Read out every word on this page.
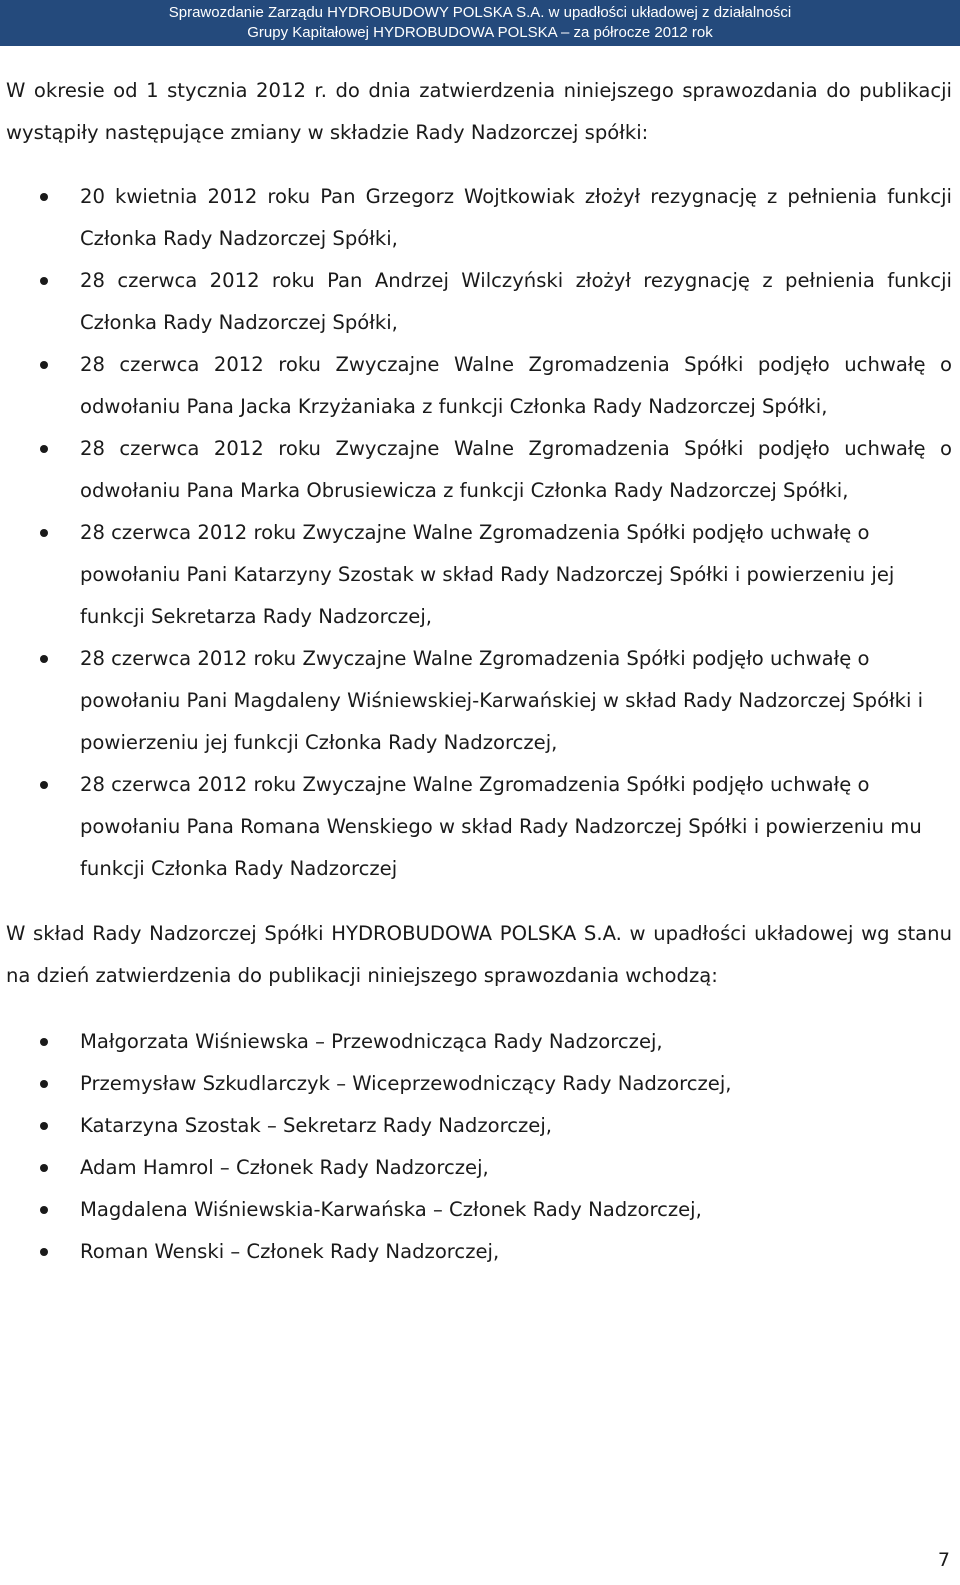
Sprawozdanie Zarządu HYDROBUDOWY POLSKA S.A. w upadłości układowej z działalności
Grupy Kapitałowej HYDROBUDOWA POLSKA – za półrocze 2012 rok

W okresie od 1 stycznia 2012 r. do dnia zatwierdzenia niniejszego sprawozdania do publikacji wystąpiły następujące zmiany w składzie Rady Nadzorczej spółki:

20 kwietnia 2012 roku Pan Grzegorz Wojtkowiak złożył rezygnację z pełnienia funkcji Członka Rady Nadzorczej Spółki,
28 czerwca 2012 roku Pan Andrzej Wilczyński złożył rezygnację z pełnienia funkcji Członka Rady Nadzorczej Spółki,
28 czerwca 2012 roku Zwyczajne Walne Zgromadzenia Spółki podjęło uchwałę o odwołaniu Pana Jacka Krzyżaniaka z funkcji Członka Rady Nadzorczej Spółki,
28 czerwca 2012 roku Zwyczajne Walne Zgromadzenia Spółki podjęło uchwałę o odwołaniu Pana Marka Obrusiewicza z funkcji Członka Rady Nadzorczej Spółki,
28 czerwca 2012 roku Zwyczajne Walne Zgromadzenia Spółki podjęło uchwałę o powołaniu Pani Katarzyny Szostak w skład Rady Nadzorczej Spółki i powierzeniu jej funkcji Sekretarza Rady Nadzorczej,
28 czerwca 2012 roku Zwyczajne Walne Zgromadzenia Spółki podjęło uchwałę o powołaniu Pani Magdaleny Wiśniewskiej-Karwańskiej w skład Rady Nadzorczej Spółki i powierzeniu jej funkcji Członka Rady Nadzorczej,
28 czerwca 2012 roku Zwyczajne Walne Zgromadzenia Spółki podjęło uchwałę o powołaniu Pana Romana Wenskiego w skład Rady Nadzorczej Spółki i powierzeniu mu funkcji Członka Rady Nadzorczej

W skład Rady Nadzorczej Spółki HYDROBUDOWA POLSKA S.A. w upadłości układowej wg stanu na dzień zatwierdzenia do publikacji niniejszego sprawozdania wchodzą:

Małgorzata Wiśniewska – Przewodnicząca Rady Nadzorczej,
Przemysław Szkudlarczyk – Wiceprzewodniczący Rady Nadzorczej,
Katarzyna Szostak – Sekretarz Rady Nadzorczej,
Adam Hamrol – Członek Rady Nadzorczej,
Magdalena Wiśniewskia-Karwańska – Członek Rady Nadzorczej,
Roman Wenski – Członek Rady Nadzorczej,
7
